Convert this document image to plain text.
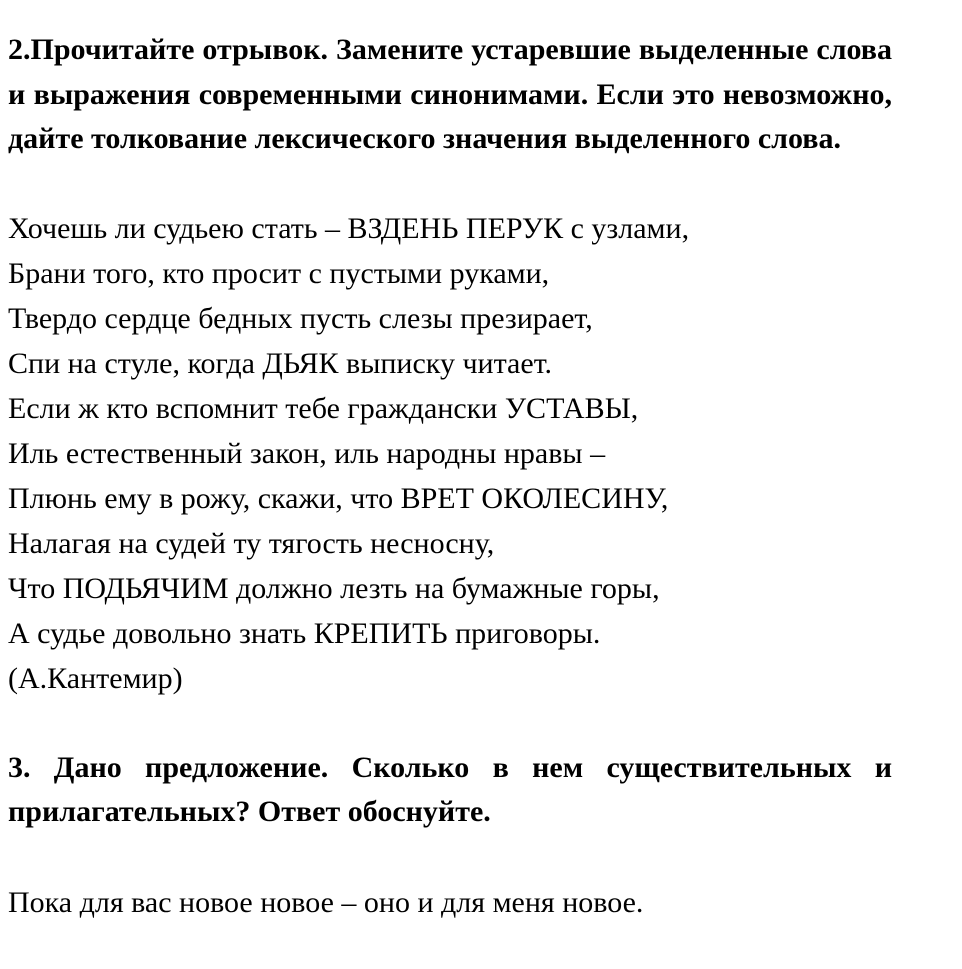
2.Прочитайте отрывок. Замените устаревшие выделенные слова и выражения современными синонимами. Если это невозможно, дайте толкование лексического значения выделенного слова.

Хочешь ли судьею стать – ВЗДЕНЬ ПЕРУК с узлами,
Брани того, кто просит с пустыми руками,
Твердо сердце бедных пусть слезы презирает,
Спи на стуле, когда ДЬЯК выписку читает.
Если ж кто вспомнит тебе граждански УСТАВЫ,
Иль естественный закон, иль народны нравы –
Плюнь ему в рожу, скажи, что ВРЕТ ОКОЛЕСИНУ,
Налагая на судей ту тягость несносну,
Что ПОДЬЯЧИМ должно лезть на бумажные горы,
А судье довольно знать КРЕПИТЬ приговоры.
(А.Кантемир)

3. Дано предложение. Сколько в нем существительных и прилагательных? Ответ обоснуйте.

Пока для вас новое новое – оно и для меня новое.
